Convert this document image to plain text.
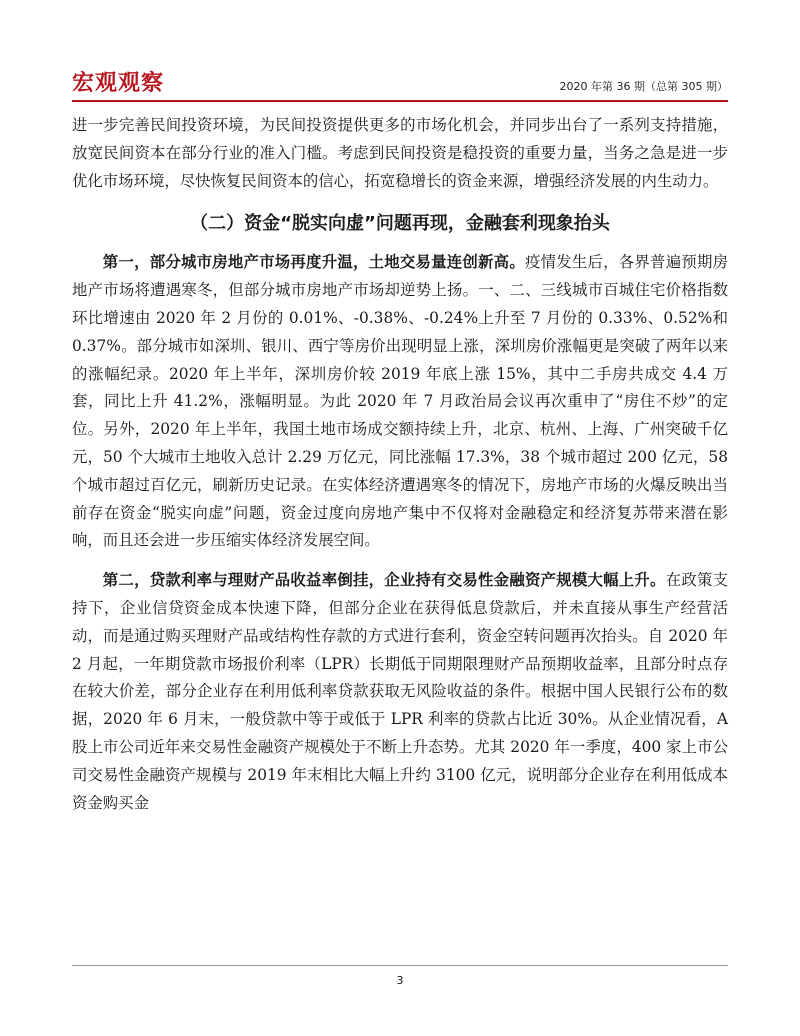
宏观观察	2020 年第 36 期（总第 305 期）

进一步完善民间投资环境，为民间投资提供更多的市场化机会，并同步出台了一系列支持措施，放宽民间资本在部分行业的准入门槛。考虑到民间投资是稳投资的重要力量，当务之急是进一步优化市场环境，尽快恢复民间资本的信心，拓宽稳增长的资金来源，增强经济发展的内生动力。

（二）资金“脱实向虚”问题再现，金融套利现象抬头

第一，部分城市房地产市场再度升温，土地交易量连创新高。疫情发生后，各界普遍预期房地产市场将遭遇寒冬，但部分城市房地产市场却逆势上扬。一、二、三线城市百城住宅价格指数环比增速由 2020 年 2 月份的 0.01%、-0.38%、-0.24%上升至 7 月份的 0.33%、0.52%和 0.37%。部分城市如深圳、银川、西宁等房价出现明显上涨，深圳房价涨幅更是突破了两年以来的涨幅纪录。2020 年上半年，深圳房价较 2019 年底上涨 15%，其中二手房共成交 4.4 万套，同比上升 41.2%，涨幅明显。为此 2020 年 7 月政治局会议再次重申了“房住不炒”的定位。另外，2020 年上半年，我国土地市场成交额持续上升，北京、杭州、上海、广州突破千亿元，50 个大城市土地收入总计 2.29 万亿元，同比涨幅 17.3%，38 个城市超过 200 亿元，58 个城市超过百亿元，刷新历史记录。在实体经济遭遇寒冬的情况下，房地产市场的火爆反映出当前存在资金“脱实向虚”问题，资金过度向房地产集中不仅将对金融稳定和经济复苏带来潜在影响，而且还会进一步压缩实体经济发展空间。

第二，贷款利率与理财产品收益率倒挂，企业持有交易性金融资产规模大幅上升。在政策支持下，企业信贷资金成本快速下降，但部分企业在获得低息贷款后，并未直接从事生产经营活动，而是通过购买理财产品或结构性存款的方式进行套利，资金空转问题再次抬头。自 2020 年 2 月起，一年期贷款市场报价利率（LPR）长期低于同期限理财产品预期收益率，且部分时点存在较大价差，部分企业存在利用低利率贷款获取无风险收益的条件。根据中国人民银行公布的数据，2020 年 6 月末，一般贷款中等于或低于 LPR 利率的贷款占比近 30%。从企业情况看，A 股上市公司近年来交易性金融资产规模处于不断上升态势。尤其 2020 年一季度，400 家上市公司交易性金融资产规模与 2019 年末相比大幅上升约 3100 亿元，说明部分企业存在利用低成本资金购买金

3
